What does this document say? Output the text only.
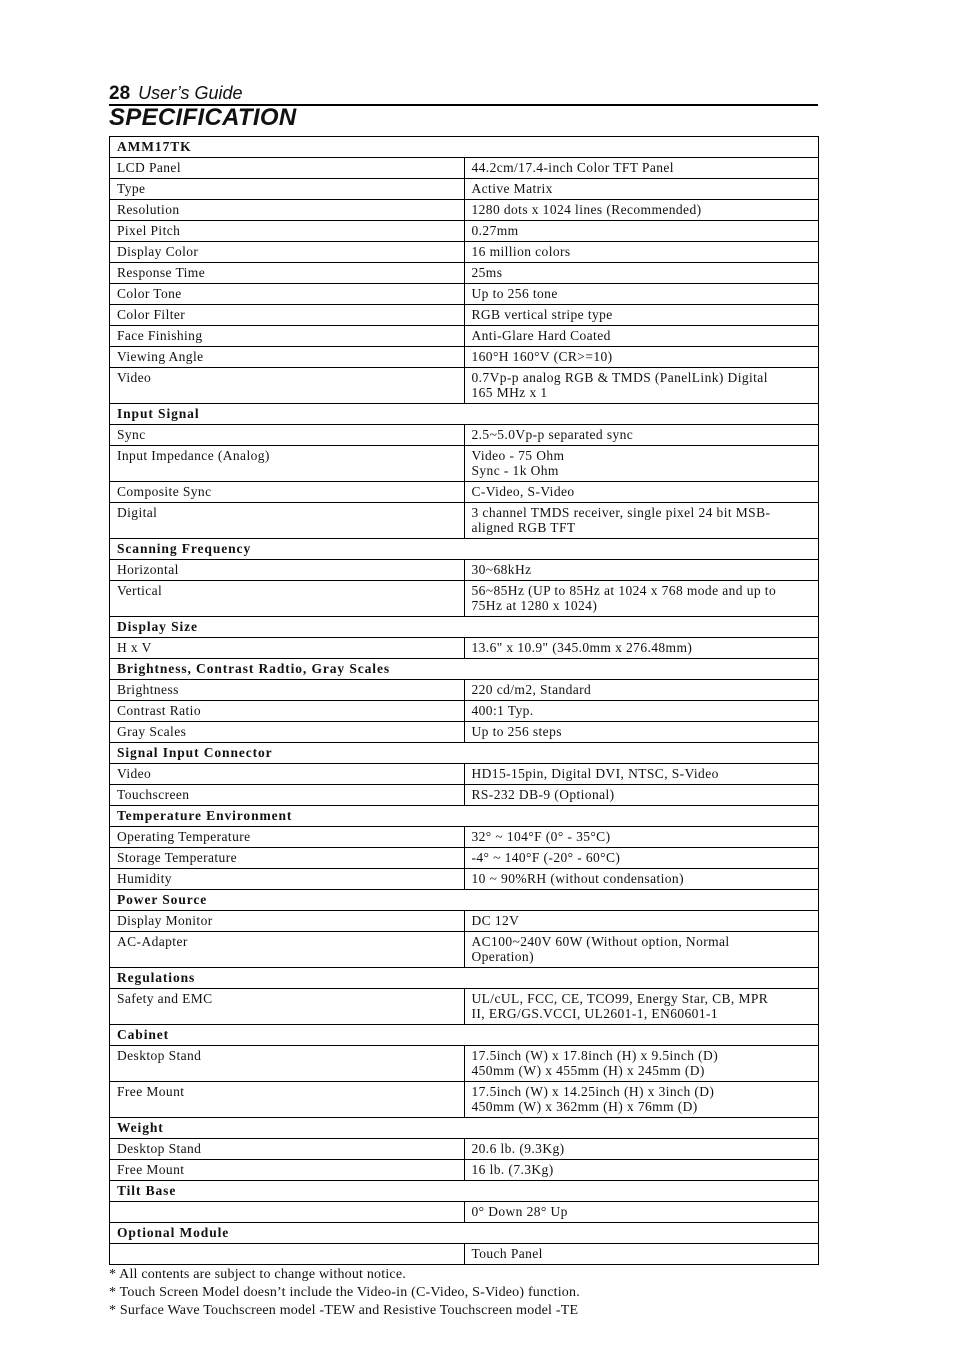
28 User’s Guide
SPECIFICATION
AMM17TK	
LCD Panel	44.2cm/17.4-inch Color TFT Panel

Type	Active Matrix

Resolution	1280 dots x 1024 lines (Recommended)

Pixel Pitch	0.27mm

Display Color	16 million colors

Response Time	25ms

Color Tone	Up to 256 tone

Color Filter	RGB vertical stripe type

Face Finishing	Anti-Glare Hard Coated

Viewing Angle	160°H 160°V (CR>=10)

Video	0.7Vp-p analog RGB & TMDS (PanelLink) Digital
165 MHz x 1

Input Signal	
Sync	2.5~5.0Vp-p separated sync

Input Impedance (Analog)	Video - 75 Ohm
Sync - 1k Ohm

Composite Sync	C-Video, S-Video

Digital	3 channel TMDS receiver, single pixel 24 bit MSB-
aligned RGB TFT

Scanning Frequency	
Horizontal	30~68kHz

Vertical	56~85Hz (UP to 85Hz at 1024 x 768 mode and up to
75Hz at 1280 x 1024)

Display Size	
H x V	13.6" x 10.9" (345.0mm x 276.48mm)

Brightness, Contrast Radtio, Gray Scales	
Brightness	220 cd/m2, Standard

Contrast Ratio	400:1 Typ.

Gray Scales	Up to 256 steps

Signal Input Connector	
Video	HD15-15pin, Digital DVI, NTSC, S-Video

Touchscreen	RS-232 DB-9 (Optional)

Temperature Environment	
Operating Temperature	32° ~ 104°F (0° - 35°C)

Storage Temperature	-4° ~ 140°F (-20° - 60°C)

Humidity	10 ~ 90%RH (without condensation)

Power Source	
Display Monitor	DC 12V

AC-Adapter	AC100~240V 60W (Without option, Normal
Operation)

Regulations	
Safety and EMC	UL/cUL, FCC, CE, TCO99, Energy Star, CB, MPR
II, ERG/GS.VCCI, UL2601-1, EN60601-1

Cabinet	
Desktop Stand	17.5inch (W) x 17.8inch (H) x 9.5inch (D)
450mm (W) x 455mm (H) x 245mm (D)

Free Mount	17.5inch (W) x 14.25inch (H) x 3inch (D)
450mm (W) x 362mm (H) x 76mm (D)

Weight	
Desktop Stand	20.6 lb. (9.3Kg)

Free Mount	16 lb. (7.3Kg)

Tilt Base	

	0° Down 28° Up

Optional Module	

	Touch Panel
* All contents are subject to change without notice.
* Touch Screen Model doesn’t include the Video-in (C-Video, S-Video) function.
* Surface Wave Touchscreen model -TEW and Resistive Touchscreen model -TE
